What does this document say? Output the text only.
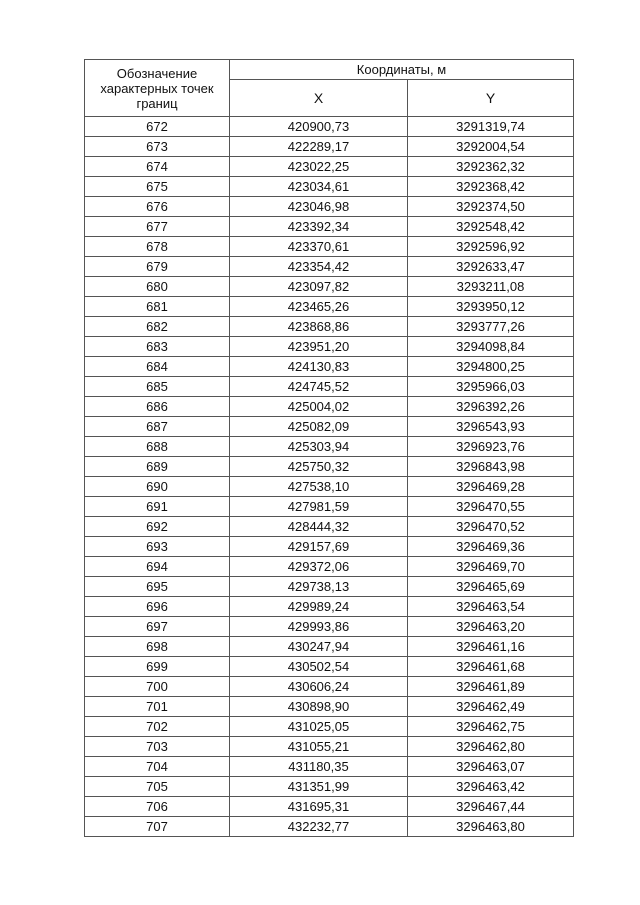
Обозначение характерных точек границ	Координаты, м	
	X	Y
672	420900,73	3291319,74
673	422289,17	3292004,54
674	423022,25	3292362,32
675	423034,61	3292368,42
676	423046,98	3292374,50
677	423392,34	3292548,42
678	423370,61	3292596,92
679	423354,42	3292633,47
680	423097,82	3293211,08
681	423465,26	3293950,12
682	423868,86	3293777,26
683	423951,20	3294098,84
684	424130,83	3294800,25
685	424745,52	3295966,03
686	425004,02	3296392,26
687	425082,09	3296543,93
688	425303,94	3296923,76
689	425750,32	3296843,98
690	427538,10	3296469,28
691	427981,59	3296470,55
692	428444,32	3296470,52
693	429157,69	3296469,36
694	429372,06	3296469,70
695	429738,13	3296465,69
696	429989,24	3296463,54
697	429993,86	3296463,20
698	430247,94	3296461,16
699	430502,54	3296461,68
700	430606,24	3296461,89
701	430898,90	3296462,49
702	431025,05	3296462,75
703	431055,21	3296462,80
704	431180,35	3296463,07
705	431351,99	3296463,42
706	431695,31	3296467,44
707	432232,77	3296463,80
